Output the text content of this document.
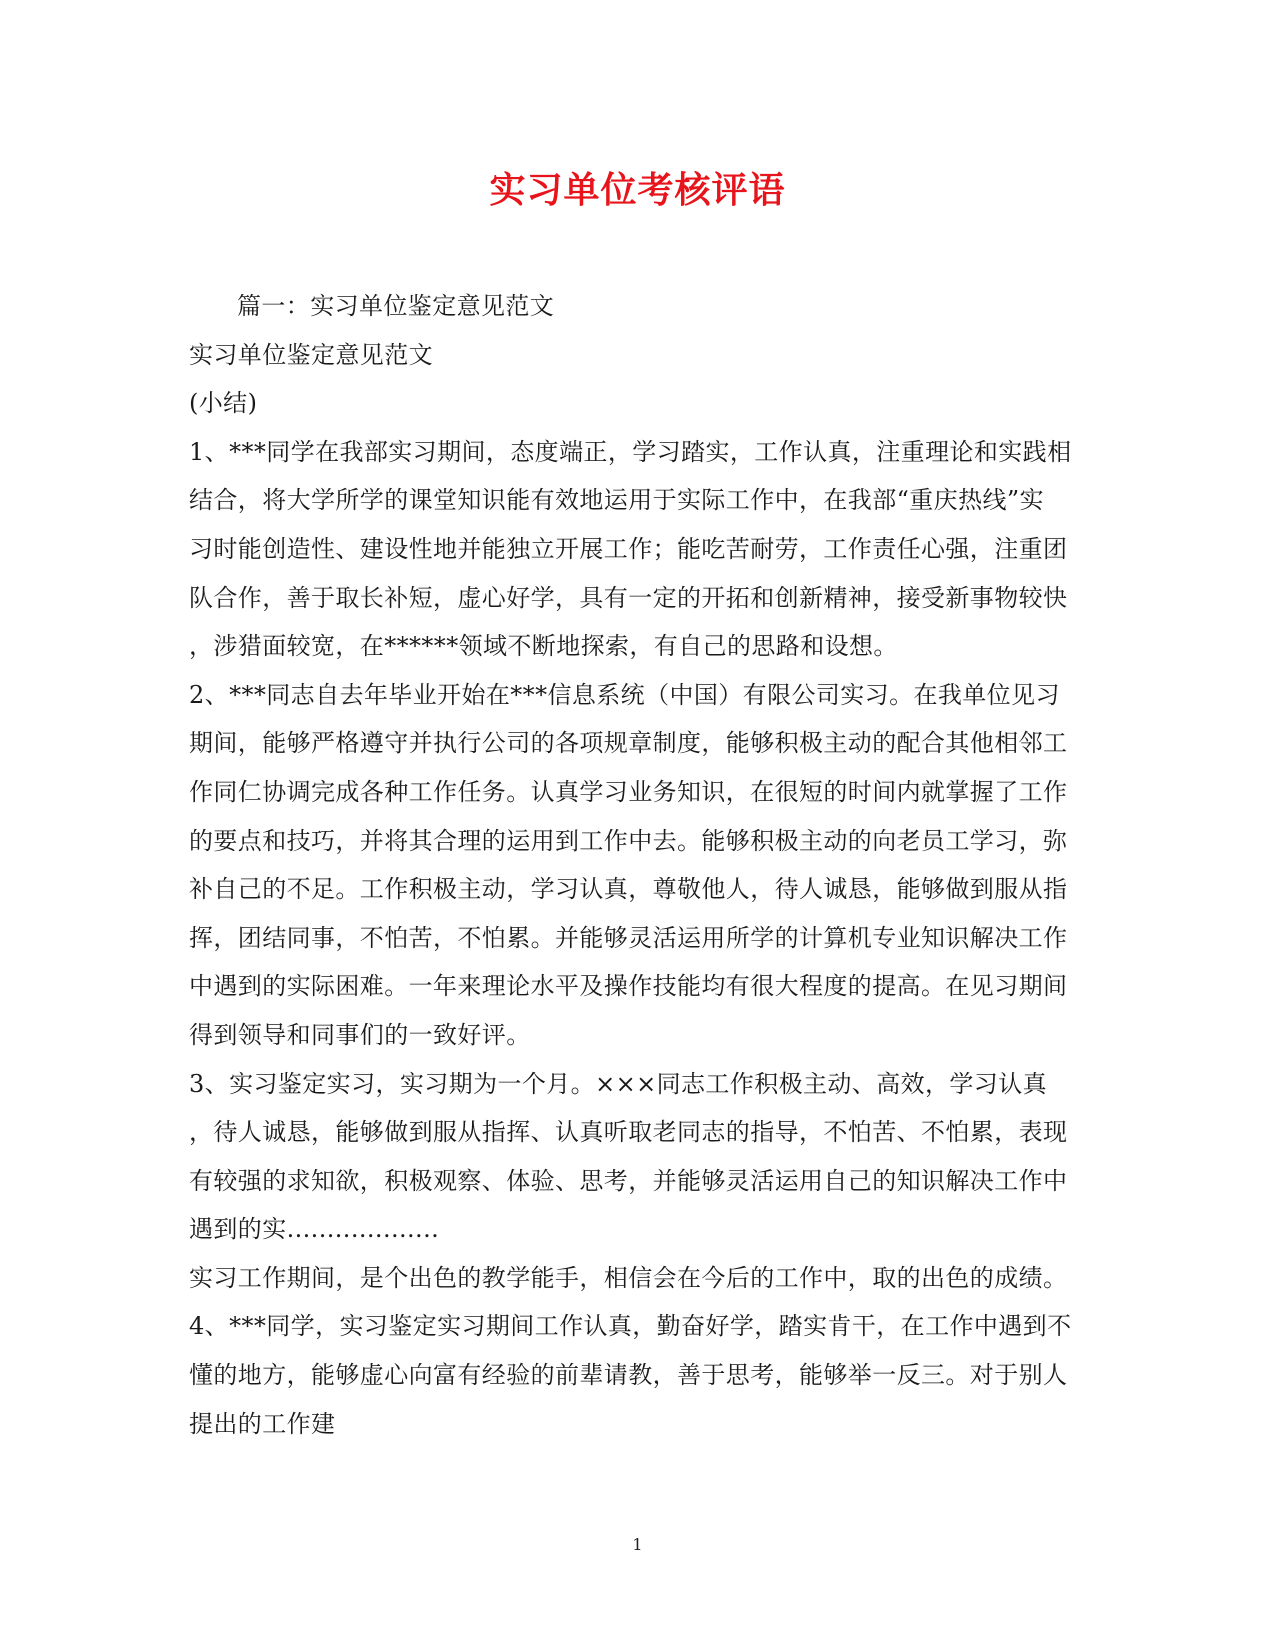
实习单位考核评语
篇一：实习单位鉴定意见范文
实习单位鉴定意见范文
(小结)
1、***同学在我部实习期间，态度端正，学习踏实，工作认真，注重理论和实践相
结合，将大学所学的课堂知识能有效地运用于实际工作中，在我部“重庆热线”实
习时能创造性、建设性地并能独立开展工作；能吃苦耐劳，工作责任心强，注重团
队合作，善于取长补短，虚心好学，具有一定的开拓和创新精神，接受新事物较快
，涉猎面较宽，在******领域不断地探索，有自己的思路和设想。
2、***同志自去年毕业开始在***信息系统（中国）有限公司实习。在我单位见习
期间，能够严格遵守并执行公司的各项规章制度，能够积极主动的配合其他相邻工
作同仁协调完成各种工作任务。认真学习业务知识，在很短的时间内就掌握了工作
的要点和技巧，并将其合理的运用到工作中去。能够积极主动的向老员工学习，弥
补自己的不足。工作积极主动，学习认真，尊敬他人，待人诚恳，能够做到服从指
挥，团结同事，不怕苦，不怕累。并能够灵活运用所学的计算机专业知识解决工作
中遇到的实际困难。一年来理论水平及操作技能均有很大程度的提高。在见习期间
得到领导和同事们的一致好评。
3、实习鉴定实习，实习期为一个月。×××同志工作积极主动、高效，学习认真
，待人诚恳，能够做到服从指挥、认真听取老同志的指导，不怕苦、不怕累，表现
有较强的求知欲，积极观察、体验、思考，并能够灵活运用自己的知识解决工作中
遇到的实...................
实习工作期间，是个出色的教学能手，相信会在今后的工作中，取的出色的成绩。
4、***同学，实习鉴定实习期间工作认真，勤奋好学，踏实肯干，在工作中遇到不
懂的地方，能够虚心向富有经验的前辈请教，善于思考，能够举一反三。对于别人
提出的工作建
1
